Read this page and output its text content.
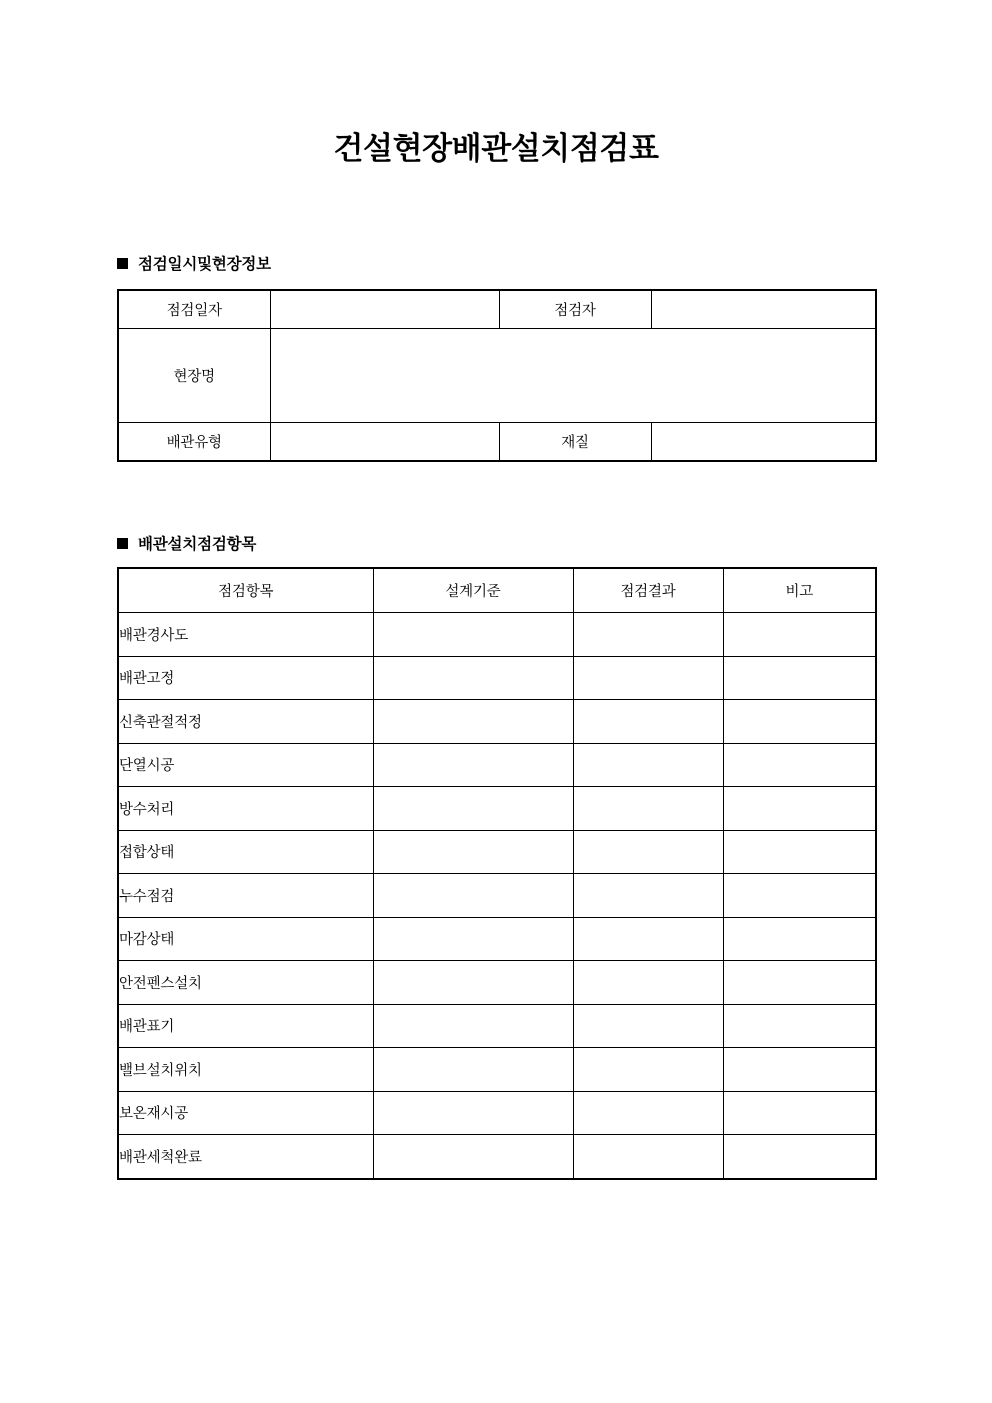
건설현장배관설치점검표
점검일시및현장정보
점검일자		점검자	
현장명			
배관유형		재질	
배관설치점검항목
점검항목	설계기준	점검결과	비고
배관경사도			
배관고정			
신축관절적정			
단열시공			
방수처리			
접합상태			
누수점검			
마감상태			
안전펜스설치			
배관표기			
밸브설치위치			
보온재시공			
배관세척완료			
